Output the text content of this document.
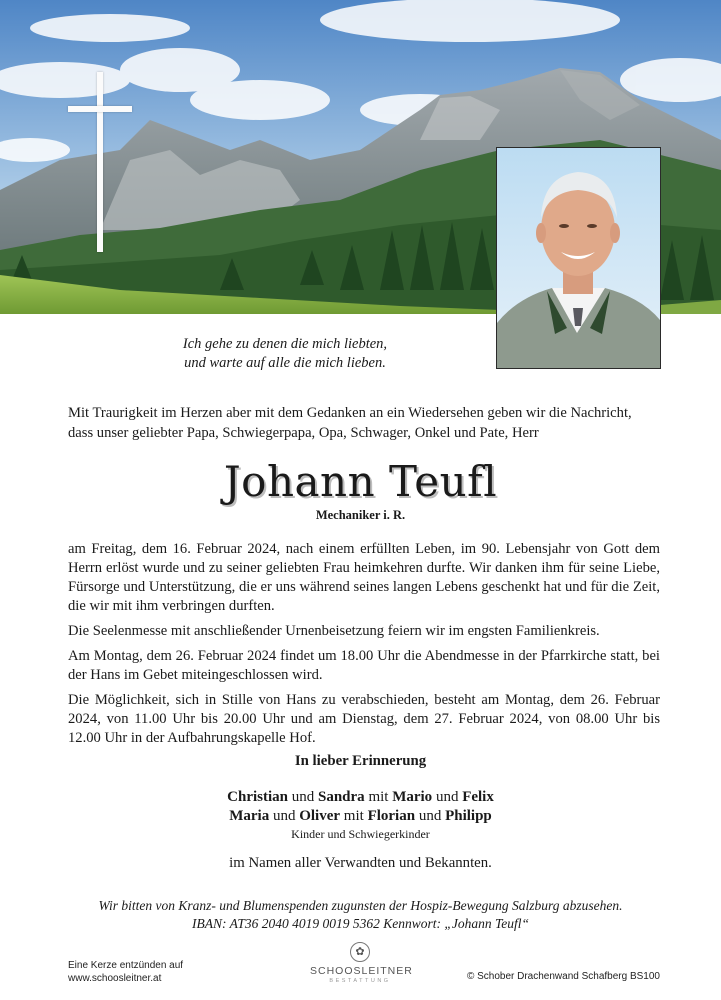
Ich gehe zu denen die mich liebten,
und warte auf alle die mich lieben.
Mit Traurigkeit im Herzen aber mit dem Gedanken an ein Wiedersehen geben wir die Nachricht,
dass unser geliebter Papa, Schwiegerpapa, Opa, Schwager, Onkel und Pate, Herr
Johann Teufl
Mechaniker i. R.

am Freitag, dem 16. Februar 2024, nach einem erfüllten Leben, im 90. Lebensjahr von Gott dem Herrn erlöst wurde und zu seiner geliebten Frau heimkehren durfte. Wir danken ihm für seine Liebe, Fürsorge und Unterstützung, die er uns während seines langen Lebens geschenkt hat und für die Zeit, die wir mit ihm verbringen durften.

Die Seelenmesse mit anschließender Urnenbeisetzung feiern wir im engsten Familienkreis.

Am Montag, dem 26. Februar 2024 findet um 18.00 Uhr die Abendmesse in der Pfarrkirche statt, bei der Hans im Gebet miteingeschlossen wird.

Die Möglichkeit, sich in Stille von Hans zu verabschieden, besteht am Montag, dem 26. Februar 2024, von 11.00 Uhr bis 20.00 Uhr und am Dienstag, dem 27. Februar 2024, von 08.00 Uhr bis 12.00 Uhr in der Aufbahrungskapelle Hof.

In lieber Erinnerung
Christian und Sandra mit Mario und Felix
Maria und Oliver mit Florian und Philipp
Kinder und Schwiegerkinder
im Namen aller Verwandten und Bekannten.
Wir bitten von Kranz- und Blumenspenden zugunsten der Hospiz-Bewegung Salzburg abzusehen.
IBAN: AT36 2040 4019 0019 5362 Kennwort: „Johann Teufl“
Eine Kerze entzünden auf
www.schoosleitner.at
✿
SCHOOSLEITNER
BESTATTUNG	© Schober Drachenwand Schafberg BS100
